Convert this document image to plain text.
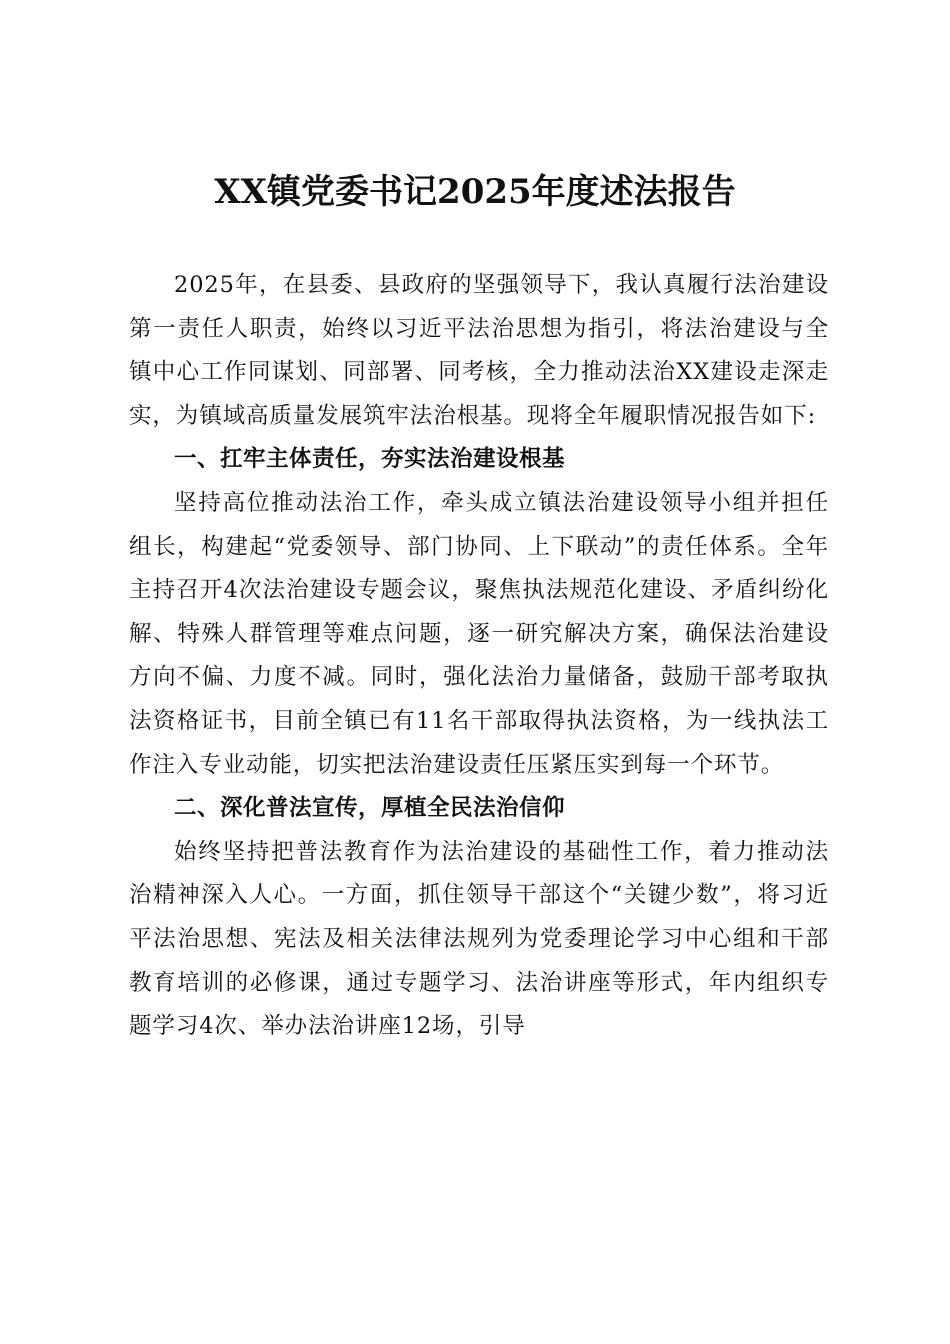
XX镇党委书记2025年度述法报告

2025年，在县委、县政府的坚强领导下，我认真履行法治建设第一责任人职责，始终以习近平法治思想为指引，将法治建设与全镇中心工作同谋划、同部署、同考核，全力推动法治XX建设走深走实，为镇域高质量发展筑牢法治根基。现将全年履职情况报告如下:

一、扛牢主体责任，夯实法治建设根基

坚持高位推动法治工作，牵头成立镇法治建设领导小组并担任组长，构建起“党委领导、部门协同、上下联动”的责任体系。全年主持召开4次法治建设专题会议，聚焦执法规范化建设、矛盾纠纷化解、特殊人群管理等难点问题，逐一研究解决方案，确保法治建设方向不偏、力度不减。同时，强化法治力量储备，鼓励干部考取执法资格证书，目前全镇已有11名干部取得执法资格，为一线执法工作注入专业动能，切实把法治建设责任压紧压实到每一个环节。

二、深化普法宣传，厚植全民法治信仰

始终坚持把普法教育作为法治建设的基础性工作，着力推动法治精神深入人心。一方面，抓住领导干部这个“关键少数”，将习近平法治思想、宪法及相关法律法规列为党委理论学习中心组和干部教育培训的必修课，通过专题学习、法治讲座等形式，年内组织专题学习4次、举办法治讲座12场，引导
